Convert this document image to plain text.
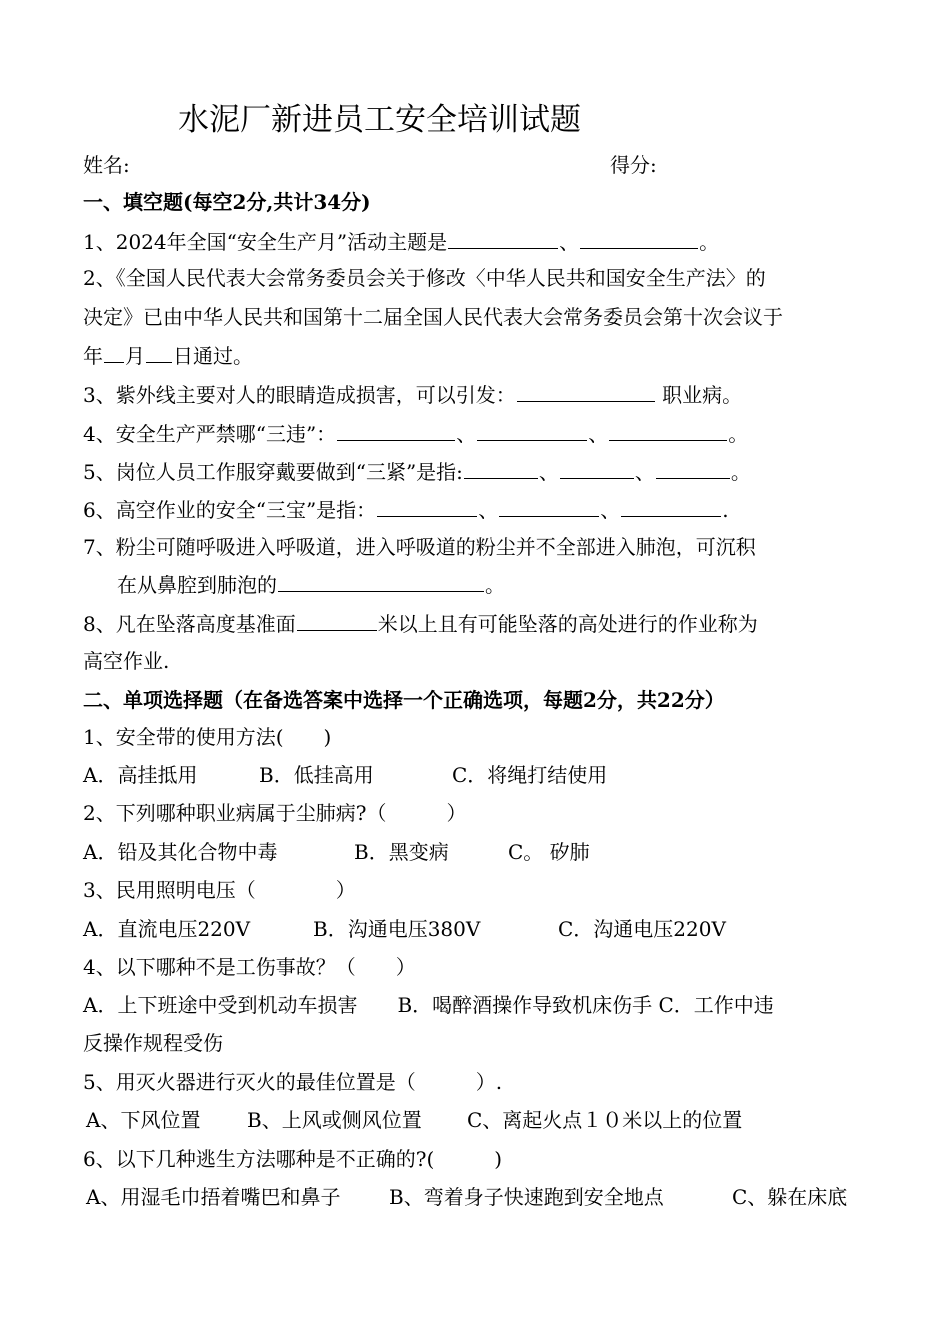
水泥厂新进员工安全培训试题
姓名:	得分:
一、填空题(每空2分,共计34分)
1、2024年全国“安全生产月”活动主题是	、	。
2、《全国人民代表大会常务委员会关于修改〈中华人民共和国安全生产法〉的
决定》已由中华人民共和国第十二届全国人民代表大会常务委员会第十次会议于
年 月 日通过。
3、紫外线主要对人的眼睛造成损害，可以引发：	职业病。
4、安全生产严禁哪“三违”：	、	、	。
5、岗位人员工作服穿戴要做到“三紧”是指:	、	、	。
6、高空作业的安全“三宝”是指：	、	、	.
7、粉尘可随呼吸进入呼吸道，进入呼吸道的粉尘并不全部进入肺泡，可沉积
在从鼻腔到肺泡的	。
8、凡在坠落高度基准面	米以上且有可能坠落的高处进行的作业称为
高空作业.
二、单项选择题（在备选答案中选择一个正确选项，每题2分，共22分）
1、安全带的使用方法(　　)
A．高挂抵用	B．低挂高用	C．将绳打结使用
2、下列哪种职业病属于尘肺病?（　　　）
A．铅及其化合物中毒	B．黑变病	C。 矽肺
3、民用照明电压（　　　　）
A．直流电压220V	B．沟通电压380V	C．沟通电压220V
4、以下哪种不是工伤事故？（　　）
A．上下班途中受到机动车损害　　B．喝醉酒操作导致机床伤手 C．工作中违
反操作规程受伤
5、用灭火器进行灭火的最佳位置是（　　　）.
A、下风位置 B、上风或侧风位置 C、离起火点１０米以上的位置
6、以下几种逃生方法哪种是不正确的?(　　　)
A、用湿毛巾捂着嘴巴和鼻子 B、弯着身子快速跑到安全地点	C、躲在床底
